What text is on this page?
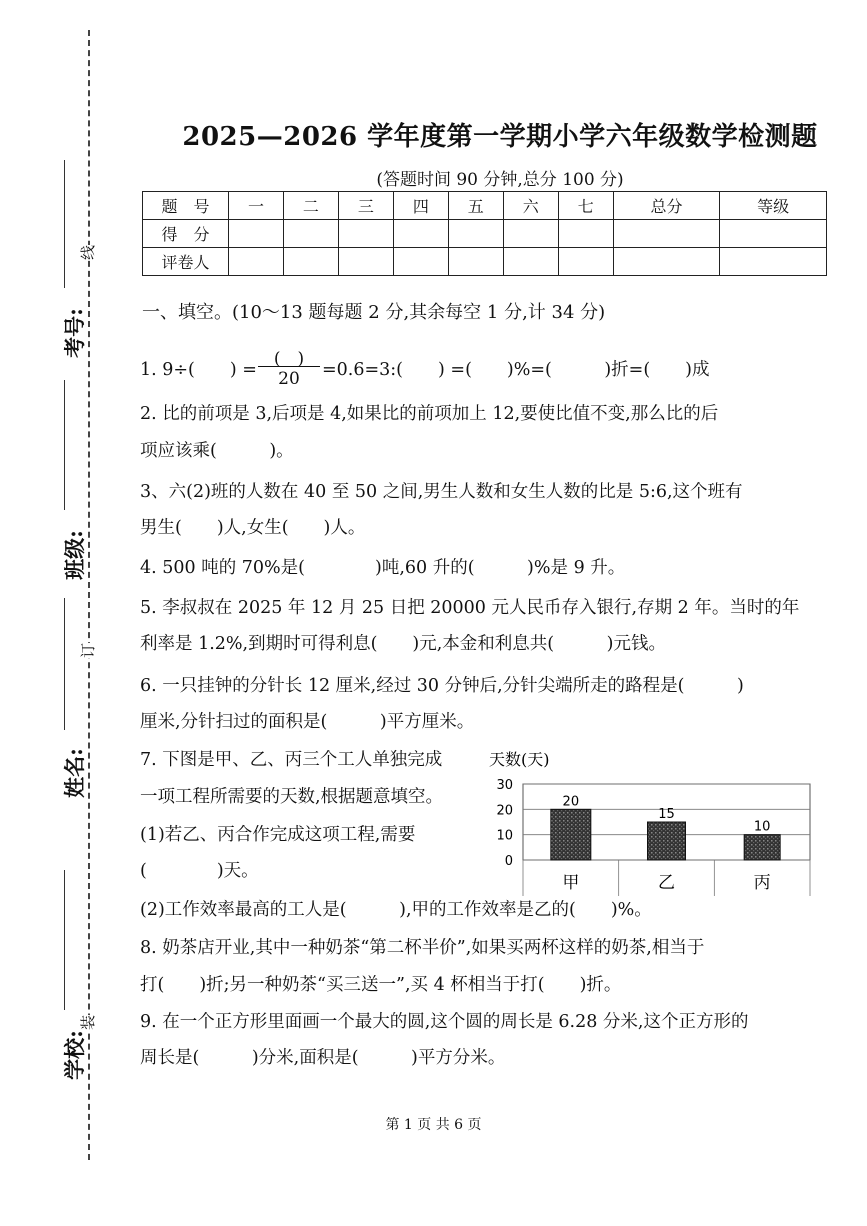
线
订
装
考号:
班级:
姓名:
学校:
2025—2026 学年度第一学期小学六年级数学检测题
(答题时间 90 分钟,总分 100 分)
题　号	一	二	三	四	五	六	七	总分	等级
得　分									
评卷人									
一、填空。(10～13 题每题 2 分,其余每空 1 分,计 34 分)
1. 9÷(　　) =
(　)
20	=0.6=3:(　　) =(　　)%=(　　　)折=(　　)成
2. 比的前项是 3,后项是 4,如果比的前项加上 12,要使比值不变,那么比的后
项应该乘(　　　)。
3、六(2)班的人数在 40 至 50 之间,男生人数和女生人数的比是 5:6,这个班有
男生(　　)人,女生(　　)人。
4. 500 吨的 70%是(　　　　)吨,60 升的(　　　)%是 9 升。
5. 李叔叔在 2025 年 12 月 25 日把 20000 元人民币存入银行,存期 2 年。当时的年
利率是 1.2%,到期时可得利息(　　)元,本金和利息共(　　　)元钱。
6. 一只挂钟的分针长 12 厘米,经过 30 分钟后,分针尖端所走的路程是(　　　)
厘米,分针扫过的面积是(　　　)平方厘米。
7. 下图是甲、乙、丙三个工人单独完成
一项工程所需要的天数,根据题意填空。
(1)若乙、丙合作完成这项工程,需要
(　　　　)天。
(2)工作效率最高的工人是(　　　),甲的工作效率是乙的(　　)%。
天数(天)
0
10
20
30
20
甲
15
乙
10
丙
8. 奶茶店开业,其中一种奶茶“第二杯半价”,如果买两杯这样的奶茶,相当于
打(　　)折;另一种奶茶“买三送一”,买 4 杯相当于打(　　)折。
9. 在一个正方形里面画一个最大的圆,这个圆的周长是 6.28 分米,这个正方形的
周长是(　　　)分米,面积是(　　　)平方分米。
第 1 页 共 6 页
